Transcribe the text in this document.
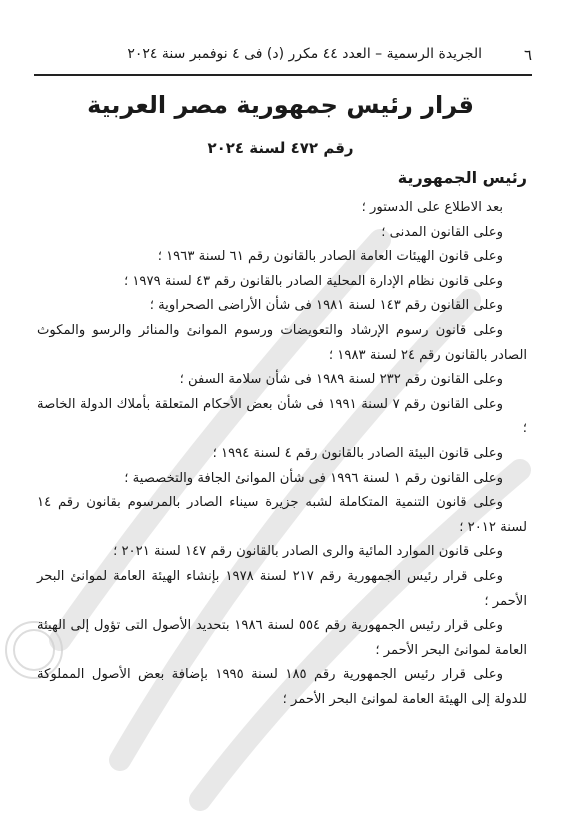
٦
الجريدة الرسمية – العدد ٤٤ مكرر (د) فى ٤ نوفمبر سنة ٢٠٢٤
قرار رئيس جمهورية مصر العربية
رقم ٤٧٢ لسنة ٢٠٢٤
رئيس الجمهورية

بعد الاطلاع على الدستور ؛

وعلى القانون المدنى ؛

وعلى قانون الهيئات العامة الصادر بالقانون رقم ٦١ لسنة ١٩٦٣ ؛

وعلى قانون نظام الإدارة المحلية الصادر بالقانون رقم ٤٣ لسنة ١٩٧٩ ؛

وعلى القانون رقم ١٤٣ لسنة ١٩٨١ فى شأن الأراضى الصحراوية ؛

وعلى قانون رسوم الإرشاد والتعويضات ورسوم الموانئ والمنائر والرسو والمكوث الصادر بالقانون رقم ٢٤ لسنة ١٩٨٣ ؛

وعلى القانون رقم ٢٣٢ لسنة ١٩٨٩ فى شأن سلامة السفن ؛

وعلى القانون رقم ٧ لسنة ١٩٩١ فى شأن بعض الأحكام المتعلقة بأملاك الدولة الخاصة ؛

وعلى قانون البيئة الصادر بالقانون رقم ٤ لسنة ١٩٩٤ ؛

وعلى القانون رقم ١ لسنة ١٩٩٦ فى شأن الموانئ الجافة والتخصصية ؛

وعلى قانون التنمية المتكاملة لشبه جزيرة سيناء الصادر بالمرسوم بقانون رقم ١٤ لسنة ٢٠١٢ ؛

وعلى قانون الموارد المائية والرى الصادر بالقانون رقم ١٤٧ لسنة ٢٠٢١ ؛

وعلى قرار رئيس الجمهورية رقم ٢١٧ لسنة ١٩٧٨ بإنشاء الهيئة العامة لموانئ البحر الأحمر ؛

وعلى قرار رئيس الجمهورية رقم ٥٥٤ لسنة ١٩٨٦ بتحديد الأصول التى تؤول إلى الهيئة العامة لموانئ البحر الأحمر ؛

وعلى قرار رئيس الجمهورية رقم ١٨٥ لسنة ١٩٩٥ بإضافة بعض الأصول المملوكة للدولة إلى الهيئة العامة لموانئ البحر الأحمر ؛
